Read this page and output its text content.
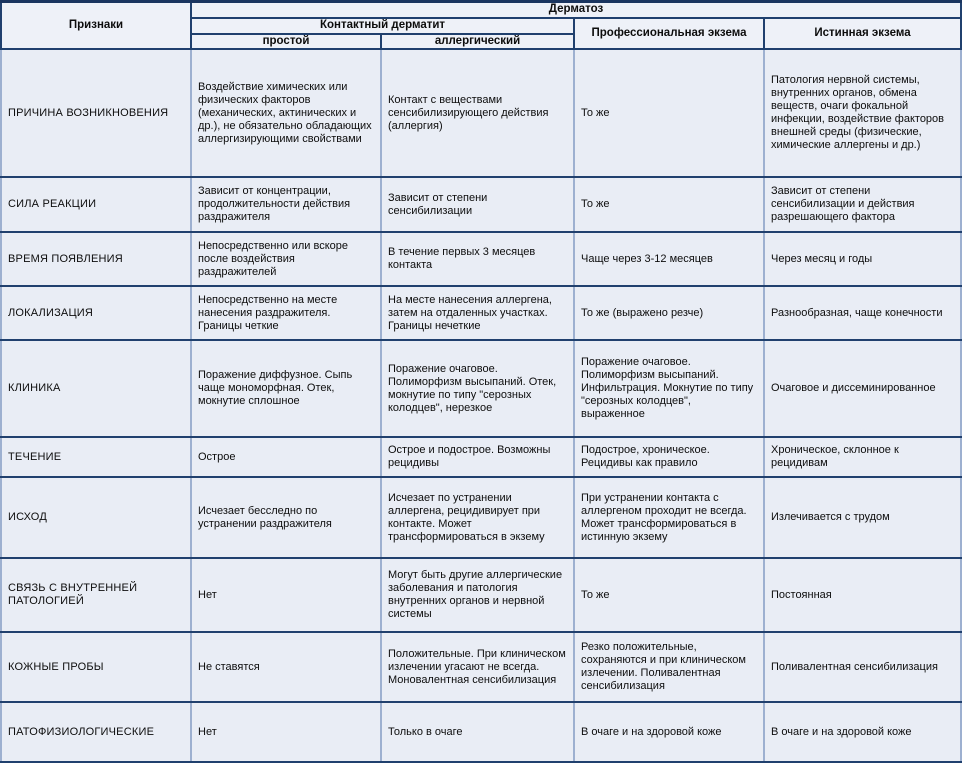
Признаки	Дерматоз			
	Контактный дерматит		Профессиональная экзема	Истинная экзема
	простой	аллергический		
ПРИЧИНА ВОЗНИКНОВЕНИЯ	Воздействие химических или физических факторов (механических, актинических и др.), не обязательно обладающих аллергизирующими свойствами	Контакт с веществами сенсибилизирующего действия (аллергия)	То же	Патология нервной системы, внутренних органов, обмена веществ, очаги фокальной инфекции, воздействие факторов внешней среды (физические, химические аллергены и др.)
СИЛА РЕАКЦИИ	Зависит от концентрации, продолжительности действия раздражителя	Зависит от степени сенсибилизации	То же	Зависит от степени сенсибилизации и действия разрешающего фактора
ВРЕМЯ ПОЯВЛЕНИЯ	Непосредственно или вскоре после воздействия раздражителей	В течение первых 3 месяцев контакта	Чаще через 3-12 месяцев	Через месяц и годы
ЛОКАЛИЗАЦИЯ	Непосредственно на месте нанесения раздражителя. Границы четкие	На месте нанесения аллергена, затем на отдаленных участках. Границы нечеткие	То же (выражено резче)	Разнообразная, чаще конечности
КЛИНИКА	Поражение диффузное. Сыпь чаще мономорфная. Отек, мокнутие сплошное	Поражение очаговое. Полиморфизм высыпаний. Отек, мокнутие по типу "серозных колодцев", нерезкое	Поражение очаговое. Полиморфизм высыпаний. Инфильтрация. Мокнутие по типу "серозных колодцев", выраженное	Очаговое и диссеминированное
ТЕЧЕНИЕ	Острое	Острое и подострое. Возможны рецидивы	Подострое, хроническое. Рецидивы как правило	Хроническое, склонное к рецидивам
ИСХОД	Исчезает бесследно по устранении раздражителя	Исчезает по устранении аллергена, рецидивирует при контакте. Может трансформироваться в экзему	При устранении контакта с аллергеном проходит не всегда. Может трансформироваться в истинную экзему	Излечивается с трудом
СВЯЗЬ С ВНУТРЕННЕЙ ПАТОЛОГИЕЙ	Нет	Могут быть другие аллергические заболевания и патология внутренних органов и нервной системы	То же	Постоянная
КОЖНЫЕ ПРОБЫ	Не ставятся	Положительные. При клиническом излечении угасают не всегда. Моновалентная сенсибилизация	Резко положительные, сохраняются и при клиническом излечении. Поливалентная сенсибилизация	Поливалентная сенсибилизация
ПАТОФИЗИОЛОГИЧЕСКИЕ	Нет	Только в очаге	В очаге и на здоровой коже	В очаге и на здоровой коже
